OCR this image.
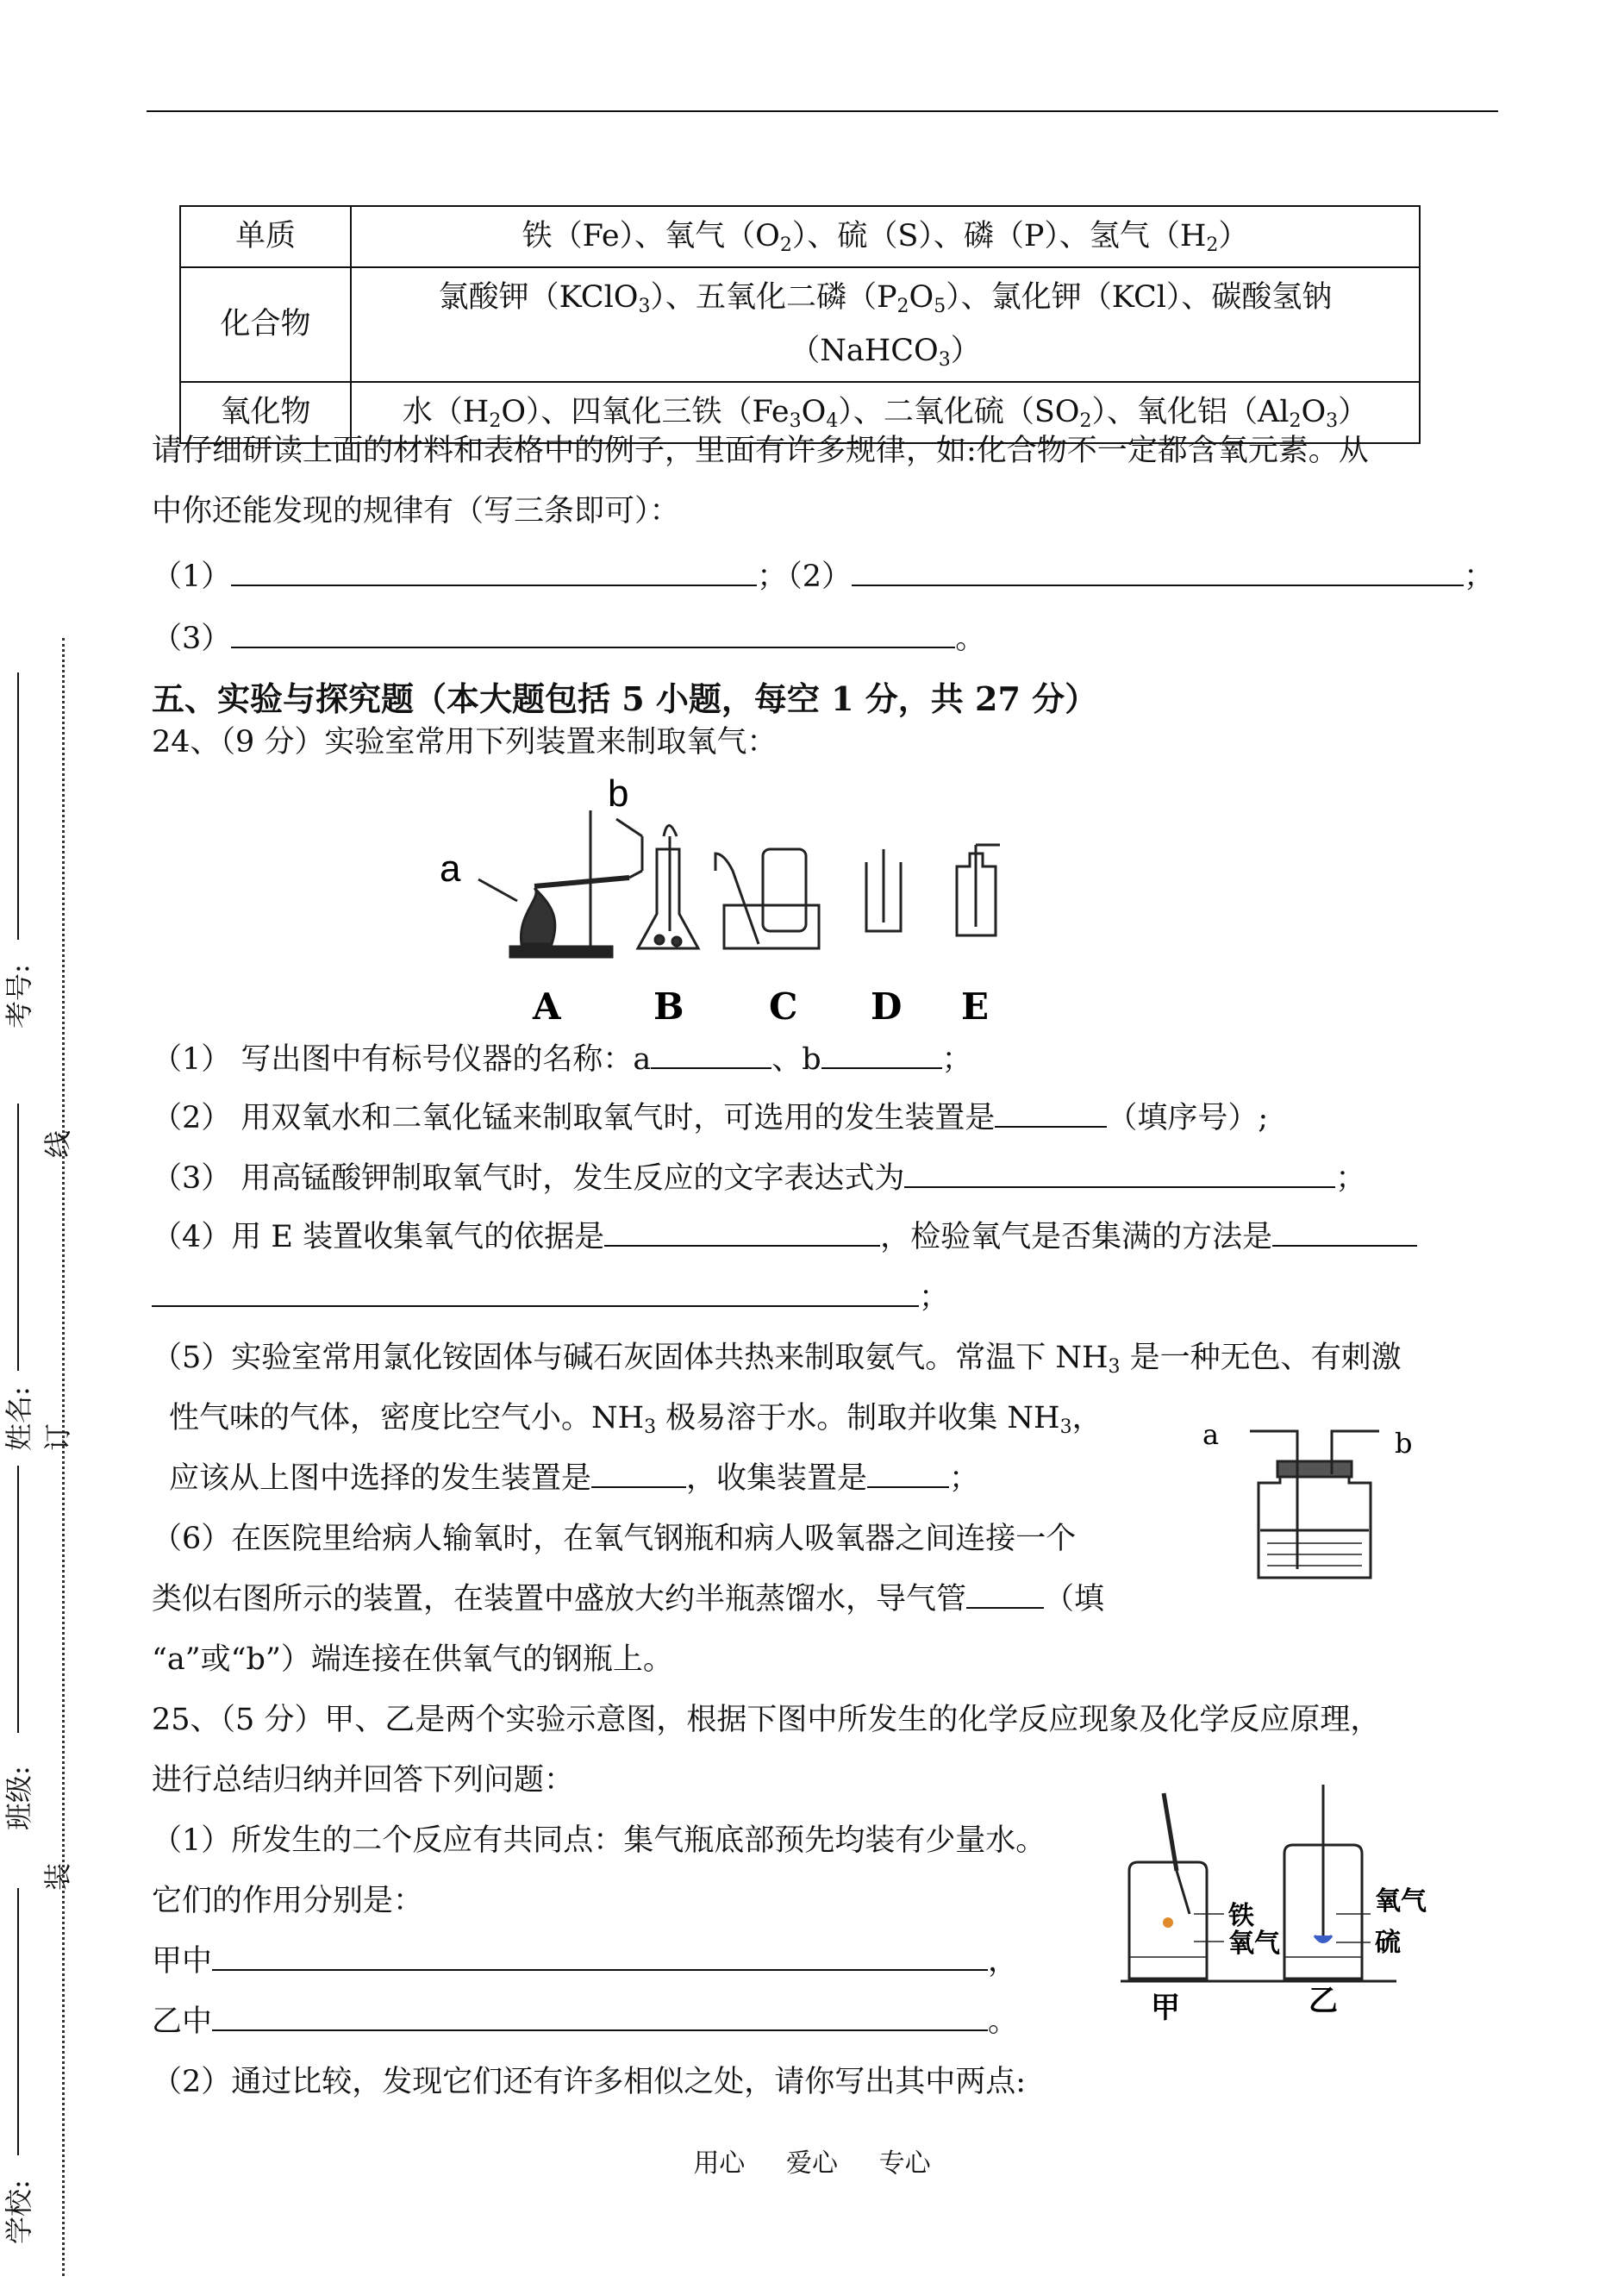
考号:
线
姓名: 订
班级:
装
学校:
单质	铁（Fe）、氧气$(O_2)$、硫（S）、磷（P）、氢气$(H_2)$
化合物	氯酸钾（KClO$_3$）、五氧化二磷$(P_2O_5)$、氯化钾（KCl）、碳酸氢钠
（NaHCO$_3$）
氧化物	水$(H_2O)$、四氧化三铁$(Fe_3O_4)$、二氧化硫$(SO_2)$、氧化铝$(Al_2O_3)$
请仔细研读上面的材料和表格中的例子，里面有许多规律，如:化合物不一定都含氧元素。从
中你还能发现的规律有（写三条即可）：
（1）	；（2）	；
（3）	。
五、实验与探究题（本大题包括 5 小题，每空 1 分，共 27 分）
24、（9 分）实验室常用下列装置来制取氧气：
a
b
A	B C D E
（1） 写出图中有标号仪器的名称：a	、b	；
（2） 用双氧水和二氧化锰来制取氧气时，可选用的发生装置是	（填序号）;
（3） 用高锰酸钾制取氧气时，发生反应的文字表达式为	；
（4）用 E 装置收集氧气的依据是	，检验氧气是否集满的方法是
；
（5）实验室常用氯化铵固体与碱石灰固体共热来制取氨气。常温下 $NH_3$ 是一种无色、有刺激
性气味的气体，密度比空气小。$NH_3$ 极易溶于水。制取并收集 $NH_3$，
应该从上图中选择的发生装置是	，收集装置是	；
（6）在医院里给病人输氧时，在氧气钢瓶和病人吸氧器之间连接一个
类似右图所示的装置，在装置中盛放大约半瓶蒸馏水，导气管	（填
“a”或“b”）端连接在供氧气的钢瓶上。
a	b
25、（5 分）甲、乙是两个实验示意图，根据下图中所发生的化学反应现象及化学反应原理，
进行总结归纳并回答下列问题：
（1）所发生的二个反应有共同点：集气瓶底部预先均装有少量水。
它们的作用分别是：
甲中	，
乙中	。
（2）通过比较，发现它们还有许多相似之处，请你写出其中两点:
铁
氧气
氧气
硫
甲	乙
用心     爱心     专心
